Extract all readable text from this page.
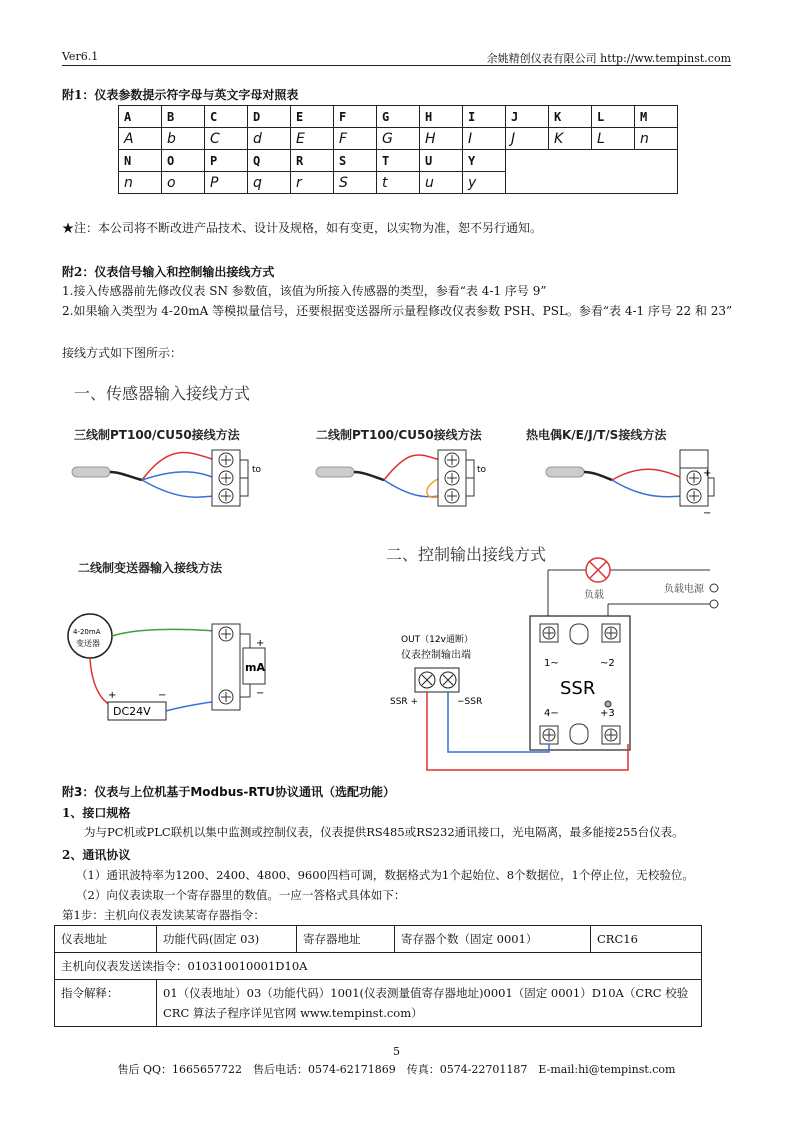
Ver6.1	余姚精创仪表有限公司 http://ww.tempinst.com
附1：仪表参数提示符字母与英文字母对照表
A	B	C	D	E	F	G	H	I	J	K	L	M
A	b	C	d	E	F	G	H	I	J	K	L	n
N	O	P	Q	R	S	T	U	Y				
n	o	P	q	r	S	t	u	y				
★注：本公司将不断改进产品技术、设计及规格，如有变更，以实物为准，恕不另行通知。
附2：仪表信号输入和控制输出接线方式
1.接入传感器前先修改仪表 SN 参数值，该值为所接入传感器的类型，参看“表 4-1 序号 9”
2.如果输入类型为 4-20mA 等模拟量信号，还要根据变送器所示量程修改仪表参数 PSH、PSL。参看“表 4-1 序号 22 和 23”
接线方式如下图所示：
一、传感器输入接线方式
三线制PT100/CU50接线方法
to
二线制PT100/CU50接线方法
to
热电偶K/E/J/T/S接线方法
+
−
二、控制输出接线方式
二线制变送器输入接线方法
4-20mA
变送器
DC24V
+	−
mA
+
−
负载
负载电源
1~	~2
SSR
4−	+3
OUT（12v通断）
仪表控制输出端
SSR +	−SSR
附3：仪表与上位机基于Modbus-RTU协议通讯（选配功能）
1、接口规格
为与PC机或PLC联机以集中监测或控制仪表，仪表提供RS485或RS232通讯接口，光电隔离，最多能接255台仪表。
2、通讯协议
（1）通讯波特率为1200、2400、4800、9600四档可调，数据格式为1个起始位、8个数据位，1个停止位，无校验位。
（2）向仪表读取一个寄存器里的数值。一应一答格式具体如下：
第1步：主机向仪表发读某寄存器指令：
仪表地址	功能代码(固定 03)	寄存器地址	寄存器个数（固定 0001）	CRC16
主机向仪表发送读指令：010310010001D10A				
指令解释：	01（仪表地址）03（功能代码）1001(仪表测量值寄存器地址)0001（固定 0001）D10A（CRC 校验 CRC 算法子程序详见官网 www.tempinst.com）			
5
售后 QQ：1665657722　售后电话：0574-62171869　传真：0574-22701187　E-mail:hi@tempinst.com
